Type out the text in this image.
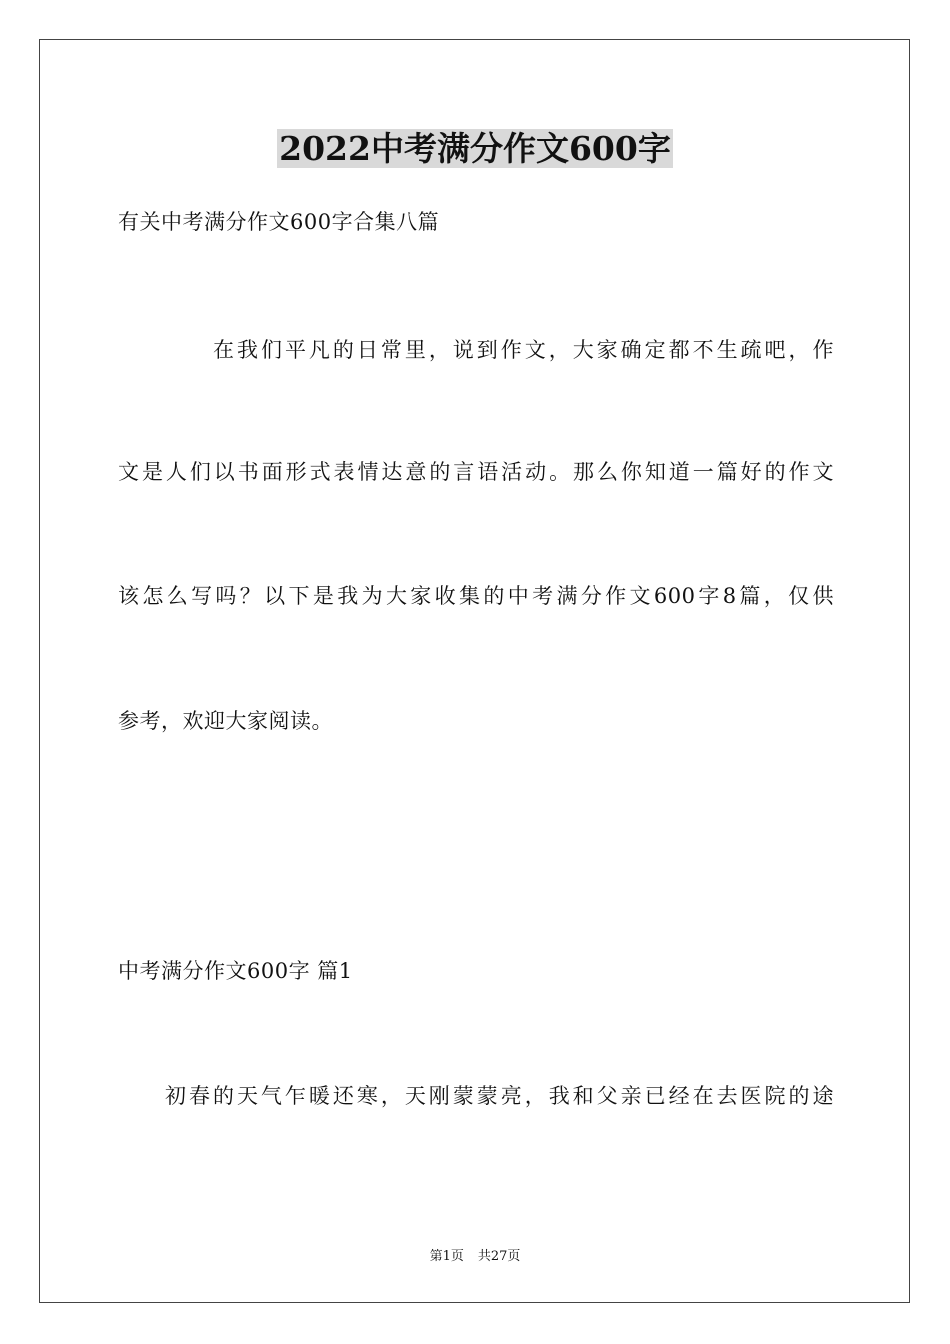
2022中考满分作文600字
有关中考满分作文600字合集八篇
在我们平凡的日常里，说到作文，大家确定都不生疏吧，作
文是人们以书面形式表情达意的言语活动。那么你知道一篇好的作文
该怎么写吗？以下是我为大家收集的中考满分作文600字8篇，仅供
参考，欢迎大家阅读。
中考满分作文600字 篇1
初春的天气乍暖还寒，天刚蒙蒙亮，我和父亲已经在去医院的途
第1页 共27页
